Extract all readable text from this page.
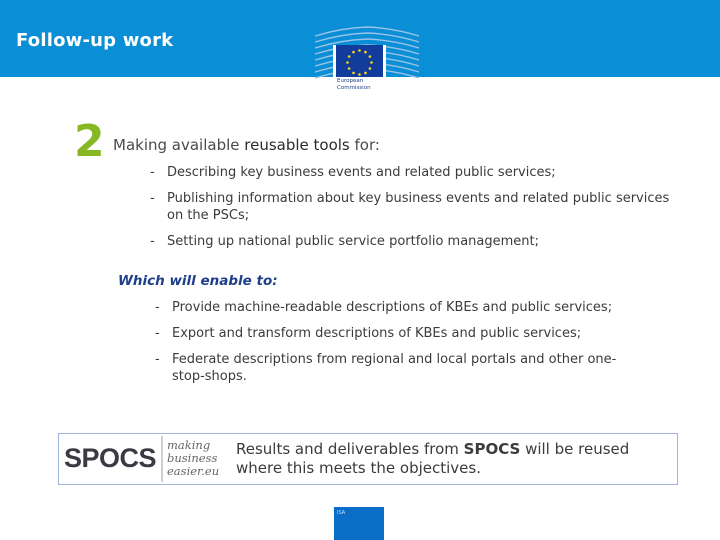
Follow-up work
European
Commission
2 Making available reusable tools for:
- Describing key business events and related public services;
- Publishing information about key business events and related public services on the PSCs;
- Setting up national public service portfolio management;
Which will enable to:
- Provide machine-readable descriptions of KBEs and public services;
- Export and transform descriptions of KBEs and public services;
- Federate descriptions from regional and local portals and other one-stop-shops.
SPOCS making
business
easier.eu
Results and deliverables from SPOCS will be reused where this meets the objectives.
ISA
